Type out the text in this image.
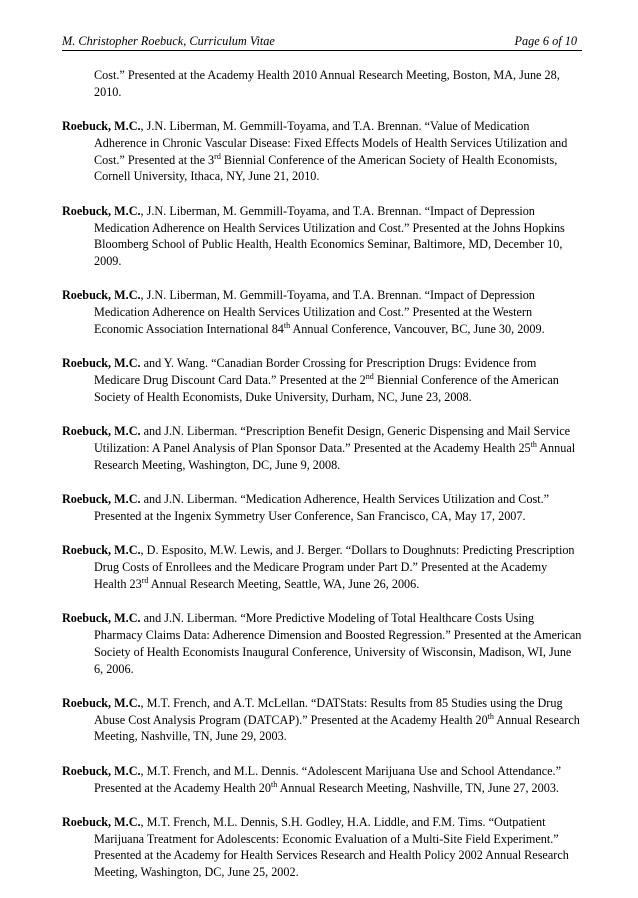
M. Christopher Roebuck, Curriculum Vitae	Page 6 of 10

Cost.” Presented at the Academy Health 2010 Annual Research Meeting, Boston, MA, June 28, 2010.

Roebuck, M.C., J.N. Liberman, M. Gemmill-Toyama, and T.A. Brennan. “Value of Medication Adherence in Chronic Vascular Disease: Fixed Effects Models of Health Services Utilization and Cost.” Presented at the 3rd Biennial Conference of the American Society of Health Economists, Cornell University, Ithaca, NY, June 21, 2010.

Roebuck, M.C., J.N. Liberman, M. Gemmill-Toyama, and T.A. Brennan. “Impact of Depression Medication Adherence on Health Services Utilization and Cost.” Presented at the Johns Hopkins Bloomberg School of Public Health, Health Economics Seminar, Baltimore, MD, December 10, 2009.

Roebuck, M.C., J.N. Liberman, M. Gemmill-Toyama, and T.A. Brennan. “Impact of Depression Medication Adherence on Health Services Utilization and Cost.” Presented at the Western Economic Association International 84th Annual Conference, Vancouver, BC, June 30, 2009.

Roebuck, M.C. and Y. Wang. “Canadian Border Crossing for Prescription Drugs: Evidence from Medicare Drug Discount Card Data.” Presented at the 2nd Biennial Conference of the American Society of Health Economists, Duke University, Durham, NC, June 23, 2008.

Roebuck, M.C. and J.N. Liberman. “Prescription Benefit Design, Generic Dispensing and Mail Service Utilization: A Panel Analysis of Plan Sponsor Data.” Presented at the Academy Health 25th Annual Research Meeting, Washington, DC, June 9, 2008.

Roebuck, M.C. and J.N. Liberman. “Medication Adherence, Health Services Utilization and Cost.” Presented at the Ingenix Symmetry User Conference, San Francisco, CA, May 17, 2007.

Roebuck, M.C., D. Esposito, M.W. Lewis, and J. Berger. “Dollars to Doughnuts: Predicting Prescription Drug Costs of Enrollees and the Medicare Program under Part D.” Presented at the Academy Health 23rd Annual Research Meeting, Seattle, WA, June 26, 2006.

Roebuck, M.C. and J.N. Liberman. “More Predictive Modeling of Total Healthcare Costs Using Pharmacy Claims Data: Adherence Dimension and Boosted Regression.” Presented at the American Society of Health Economists Inaugural Conference, University of Wisconsin, Madison, WI, June 6, 2006.

Roebuck, M.C., M.T. French, and A.T. McLellan. “DATStats: Results from 85 Studies using the Drug Abuse Cost Analysis Program (DATCAP).” Presented at the Academy Health 20th Annual Research Meeting, Nashville, TN, June 29, 2003.

Roebuck, M.C., M.T. French, and M.L. Dennis. “Adolescent Marijuana Use and School Attendance.” Presented at the Academy Health 20th Annual Research Meeting, Nashville, TN, June 27, 2003.

Roebuck, M.C., M.T. French, M.L. Dennis, S.H. Godley, H.A. Liddle, and F.M. Tims. “Outpatient Marijuana Treatment for Adolescents: Economic Evaluation of a Multi-Site Field Experiment.” Presented at the Academy for Health Services Research and Health Policy 2002 Annual Research Meeting, Washington, DC, June 25, 2002.
